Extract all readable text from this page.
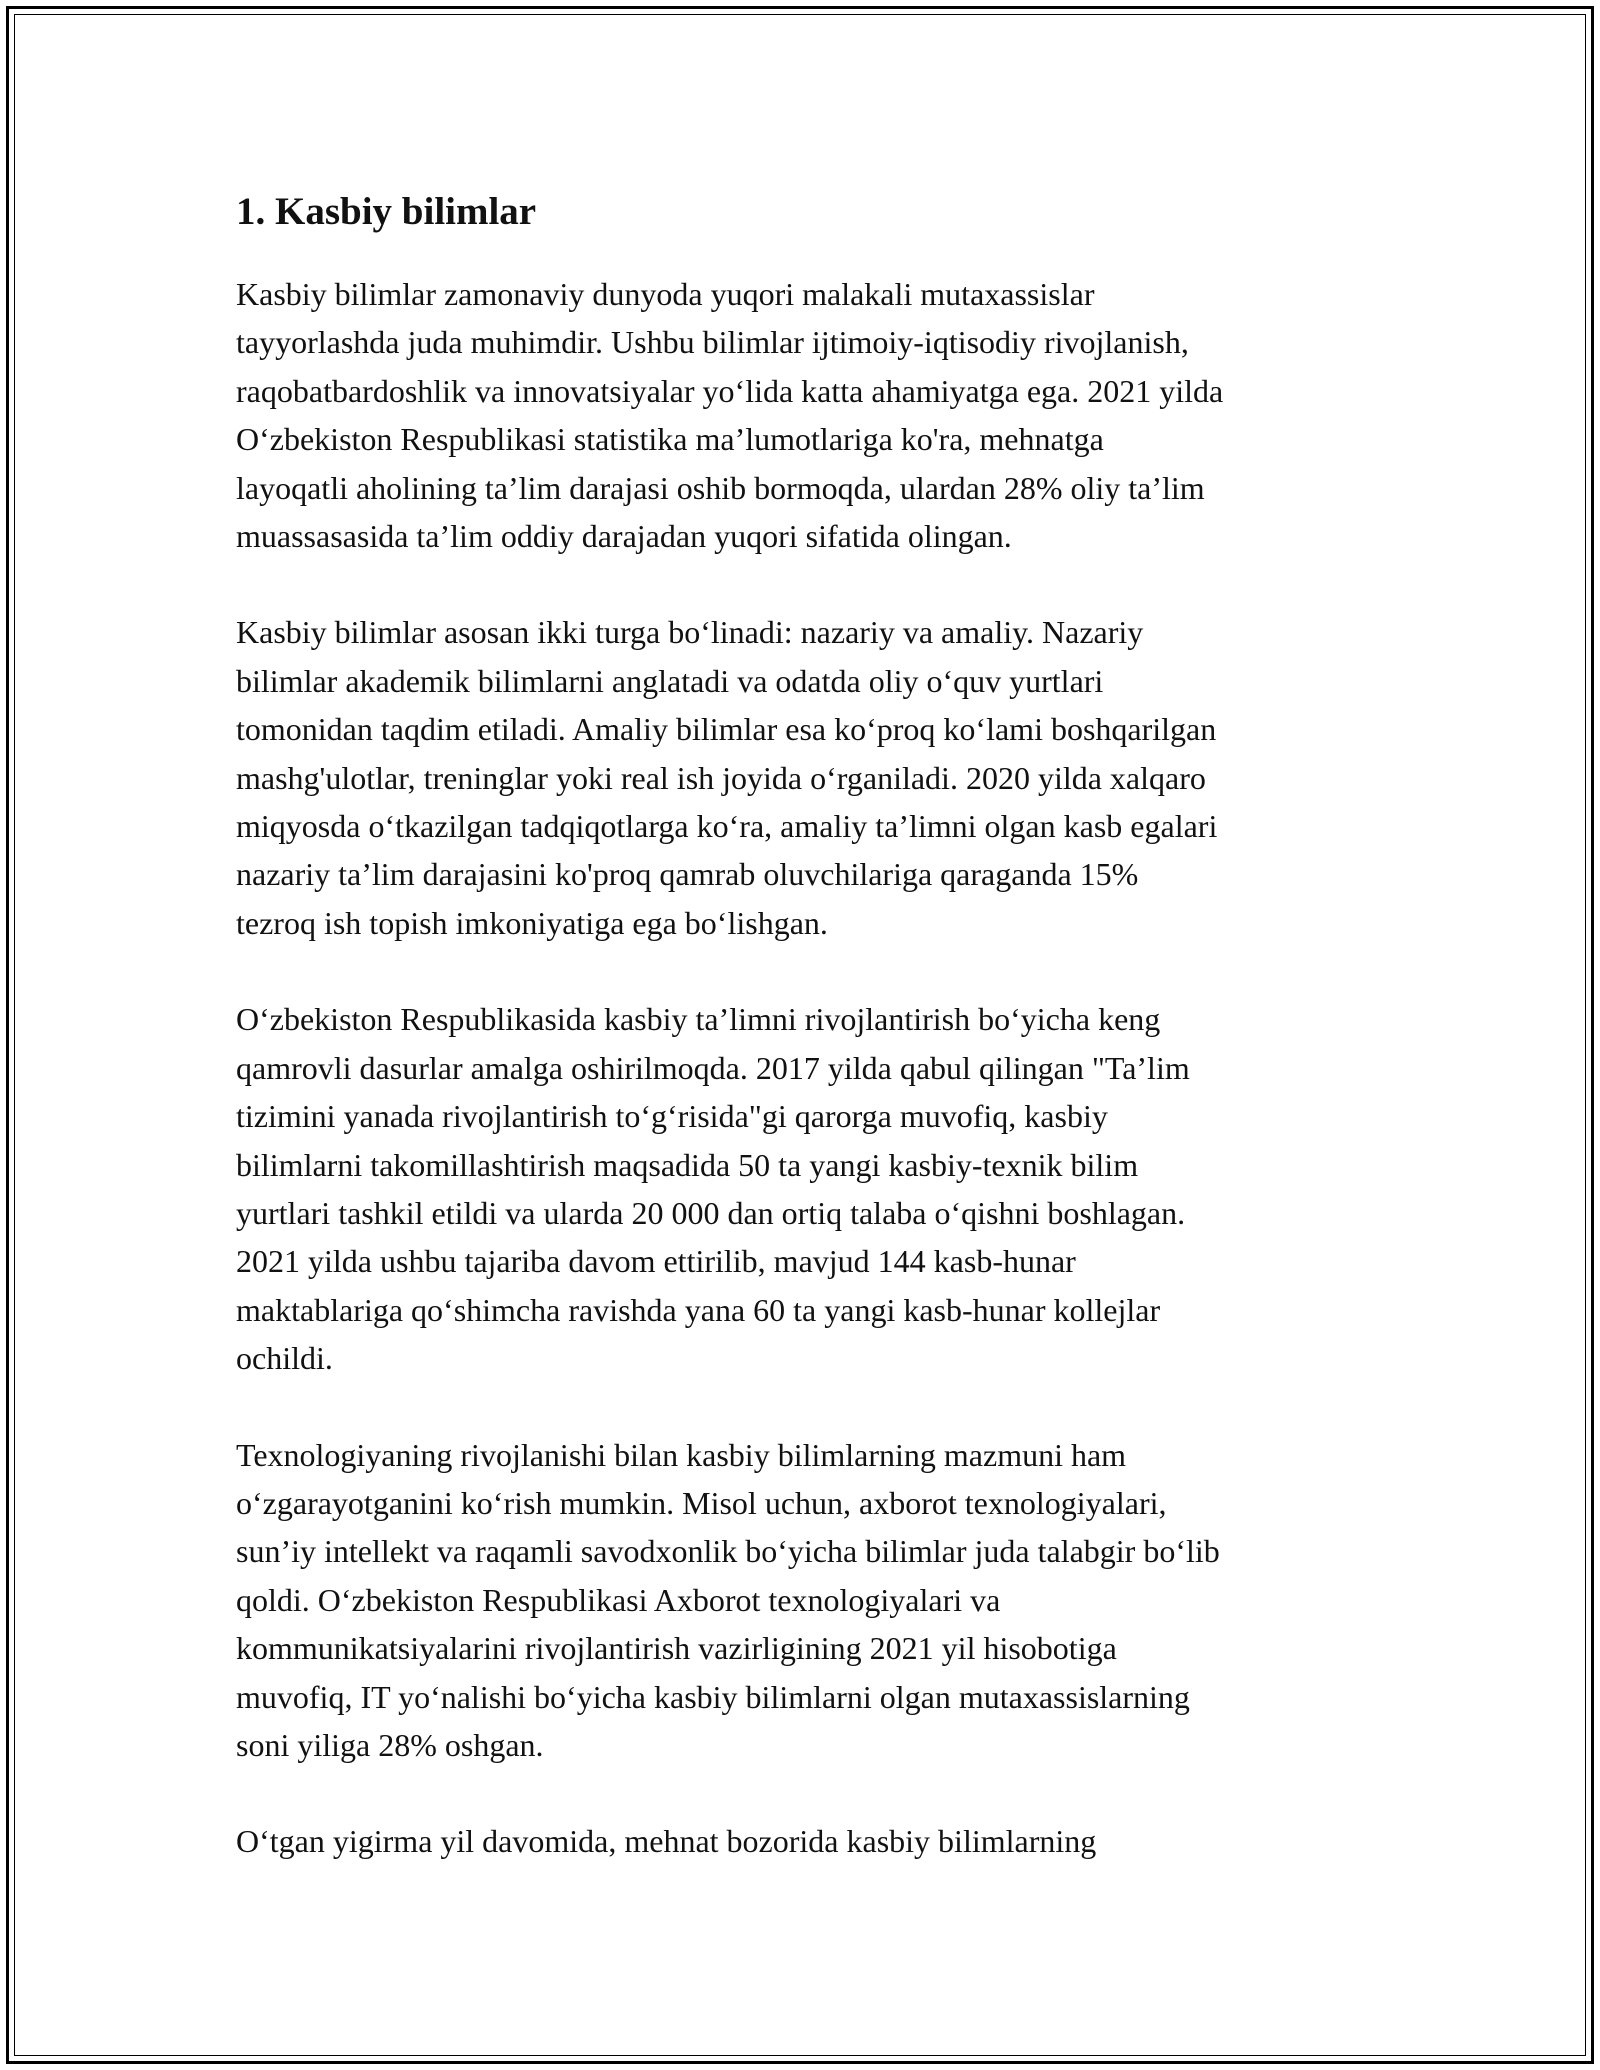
1. Kasbiy bilimlar

Kasbiy bilimlar zamonaviy dunyoda yuqori malakali mutaxassislar
tayyorlashda juda muhimdir. Ushbu bilimlar ijtimoiy-iqtisodiy rivojlanish,
raqobatbardoshlik va innovatsiyalar yo‘lida katta ahamiyatga ega. 2021 yilda
O‘zbekiston Respublikasi statistika ma’lumotlariga ko'ra, mehnatga
layoqatli aholining ta’lim darajasi oshib bormoqda, ulardan 28% oliy ta’lim
muassasasida ta’lim oddiy darajadan yuqori sifatida olingan.

Kasbiy bilimlar asosan ikki turga bo‘linadi: nazariy va amaliy. Nazariy
bilimlar akademik bilimlarni anglatadi va odatda oliy o‘quv yurtlari
tomonidan taqdim etiladi. Amaliy bilimlar esa ko‘proq ko‘lami boshqarilgan
mashg'ulotlar, treninglar yoki real ish joyida o‘rganiladi. 2020 yilda xalqaro
miqyosda o‘tkazilgan tadqiqotlarga ko‘ra, amaliy ta’limni olgan kasb egalari
nazariy ta’lim darajasini ko'proq qamrab oluvchilariga qaraganda 15%
tezroq ish topish imkoniyatiga ega bo‘lishgan.

O‘zbekiston Respublikasida kasbiy ta’limni rivojlantirish bo‘yicha keng
qamrovli dasurlar amalga oshirilmoqda. 2017 yilda qabul qilingan "Ta’lim
tizimini yanada rivojlantirish to‘g‘risida"gi qarorga muvofiq, kasbiy
bilimlarni takomillashtirish maqsadida 50 ta yangi kasbiy-texnik bilim
yurtlari tashkil etildi va ularda 20 000 dan ortiq talaba o‘qishni boshlagan.
2021 yilda ushbu tajariba davom ettirilib, mavjud 144 kasb-hunar
maktablariga qo‘shimcha ravishda yana 60 ta yangi kasb-hunar kollejlar
ochildi.

Texnologiyaning rivojlanishi bilan kasbiy bilimlarning mazmuni ham
o‘zgarayotganini ko‘rish mumkin. Misol uchun, axborot texnologiyalari,
sun’iy intellekt va raqamli savodxonlik bo‘yicha bilimlar juda talabgir bo‘lib
qoldi. O‘zbekiston Respublikasi Axborot texnologiyalari va
kommunikatsiyalarini rivojlantirish vazirligining 2021 yil hisobotiga
muvofiq, IT yo‘nalishi bo‘yicha kasbiy bilimlarni olgan mutaxassislarning
soni yiliga 28% oshgan.

O‘tgan yigirma yil davomida, mehnat bozorida kasbiy bilimlarning
